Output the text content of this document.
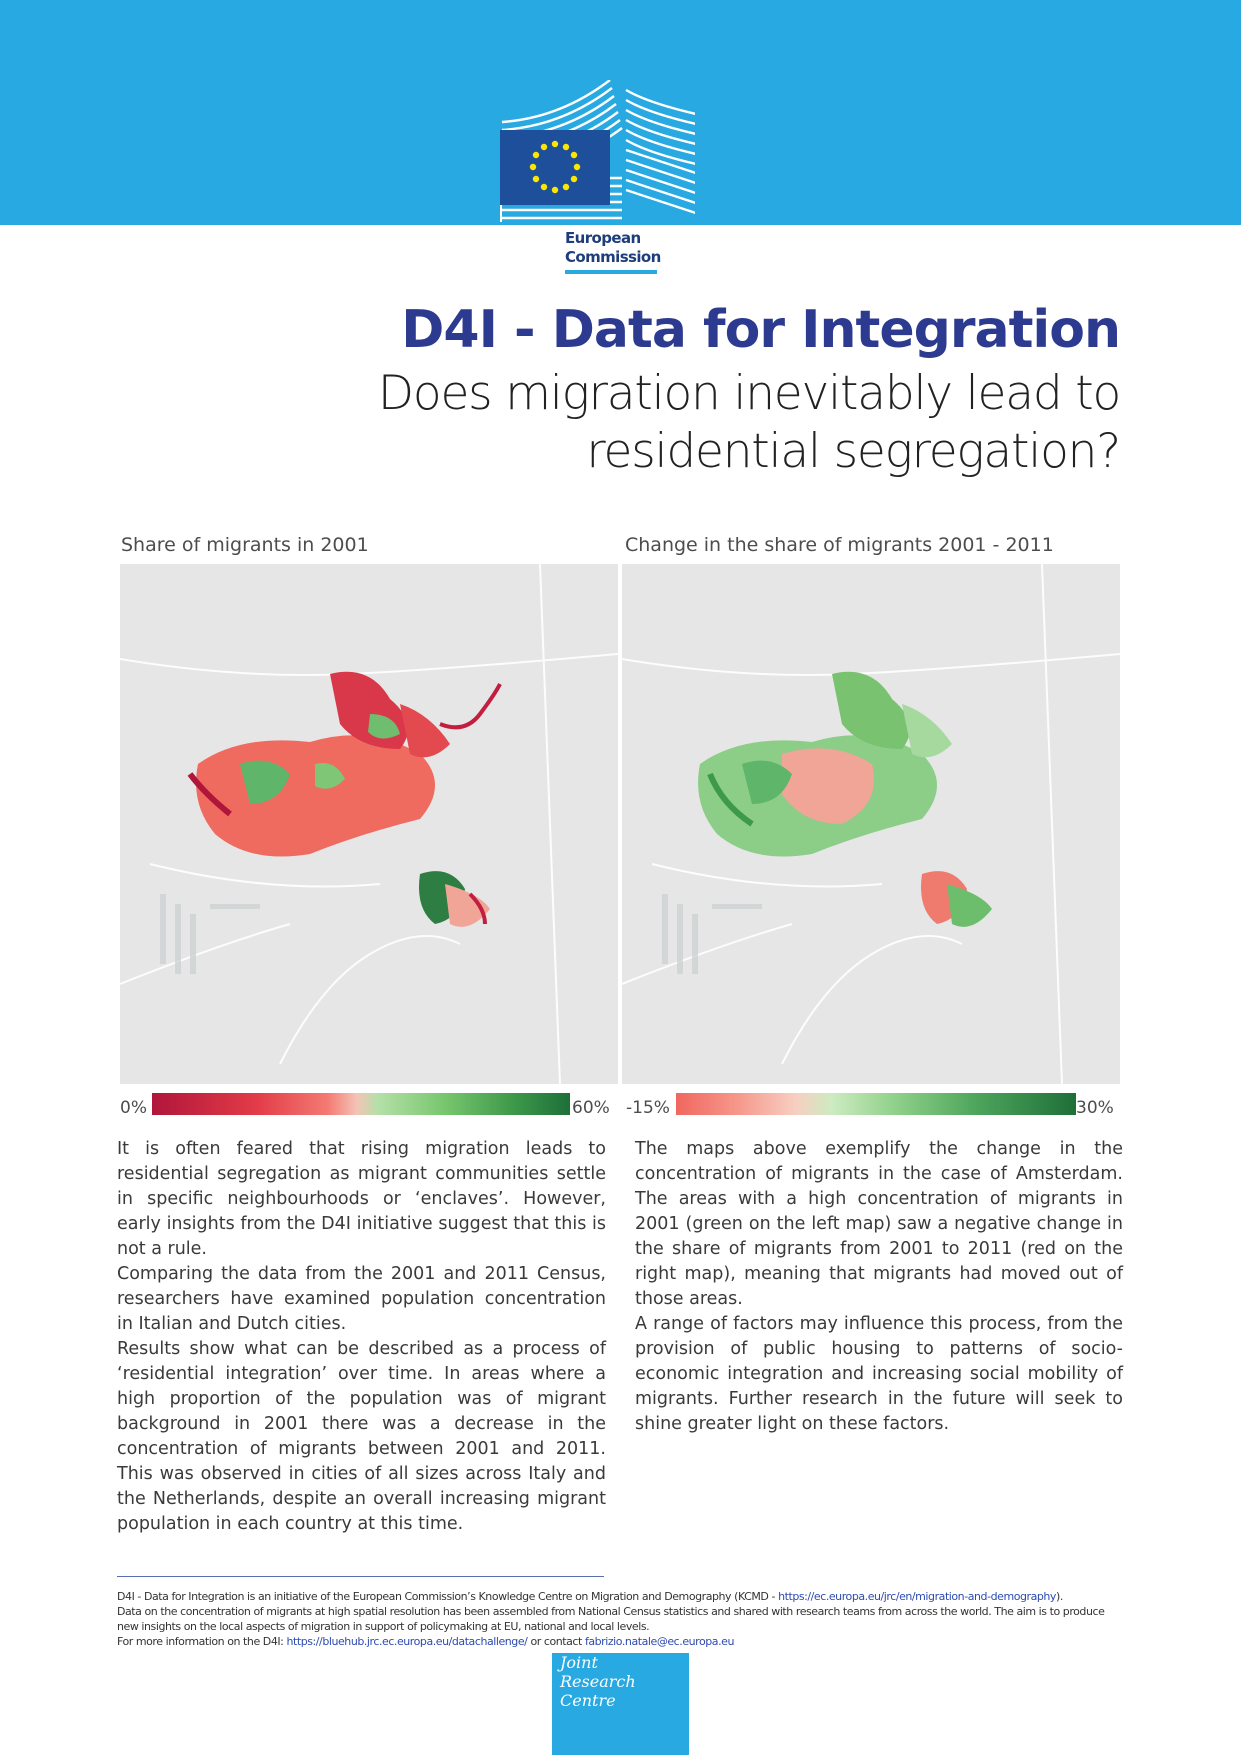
European
Commission
D4I - Data for Integration
Does migration inevitably lead to
residential segregation?
Share of migrants in 2001	Change in the share of migrants 2001 - 2011
0%	60% -15%	30%

It is often feared that rising migration leads to residential segregation as migrant communities settle in specific neighbourhoods or ‘enclaves’. However, early insights from the D4I initiative suggest that this is not a rule.

Comparing the data from the 2001 and 2011 Census, researchers have examined population concentration in Italian and Dutch cities.

Results show what can be described as a process of ‘residential integration’ over time. In areas where a high proportion of the population was of migrant background in 2001 there was a decrease in the concentration of migrants between 2001 and 2011. This was observed in cities of all sizes across Italy and the Netherlands, despite an overall increasing migrant population in each country at this time.

The maps above exemplify the change in the concentration of migrants in the case of Amsterdam. The areas with a high concentration of migrants in 2001 (green on the left map) saw a negative change in the share of migrants from 2001 to 2011 (red on the right map), meaning that migrants had moved out of those areas.

A range of factors may influence this process, from the provision of public housing to patterns of socio-economic integration and increasing social mobility of migrants. Further research in the future will seek to shine greater light on these factors.

D4I - Data for Integration is an initiative of the European Commission’s Knowledge Centre on Migration and Demography (KCMD - https://ec.europa.eu/jrc/en/migration-and-demography).

Data on the concentration of migrants at high spatial resolution has been assembled from National Census statistics and shared with research teams from across the world. The aim is to produce new insights on the local aspects of migration in support of policymaking at EU, national and local levels.

For more information on the D4I: https://bluehub.jrc.ec.europa.eu/datachallenge/ or contact fabrizio.natale@ec.europa.eu

Joint
Research
Centre
